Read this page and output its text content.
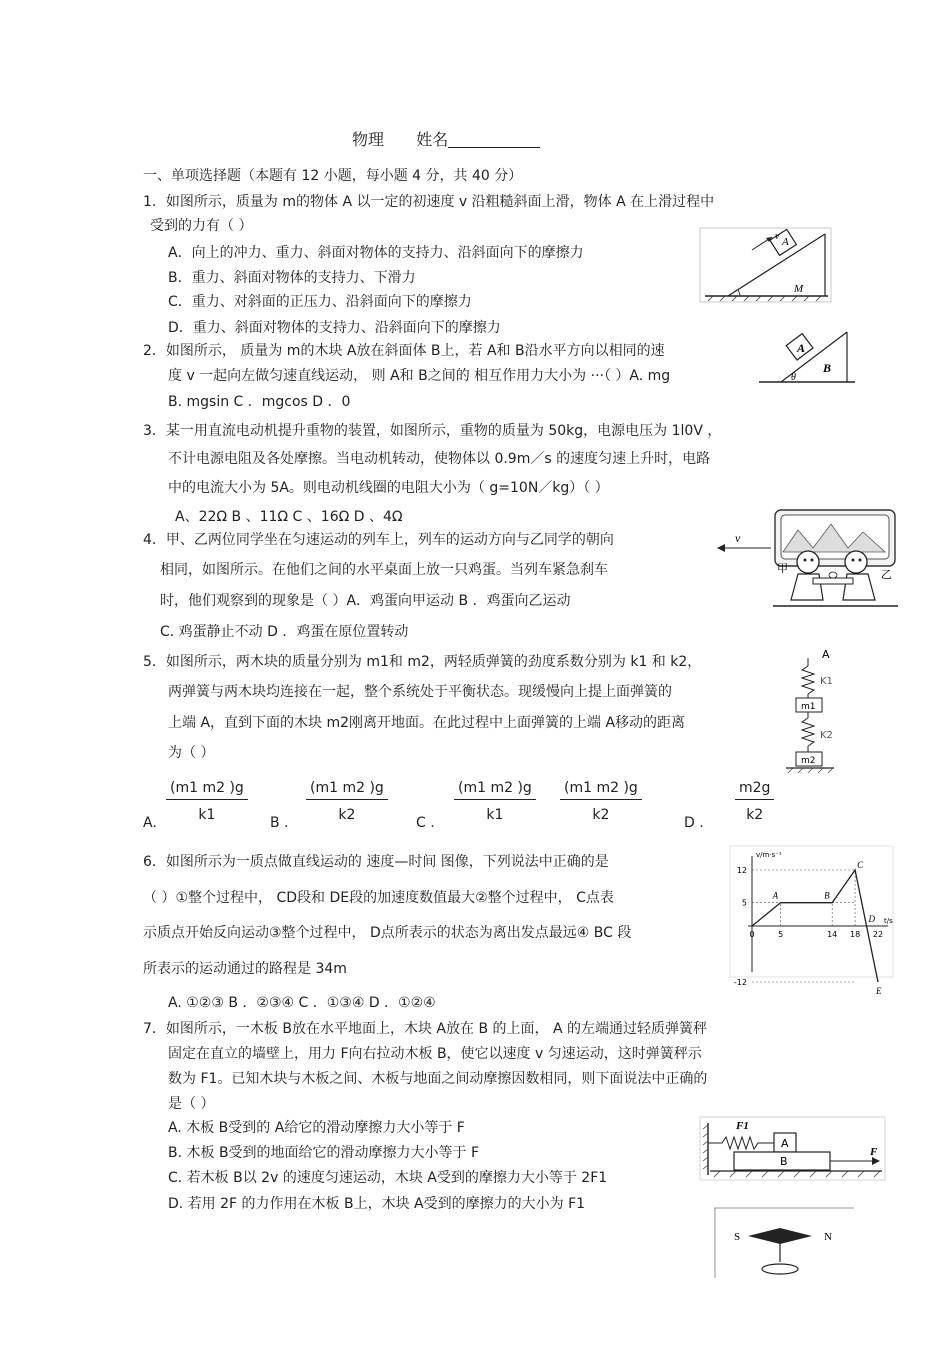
物理 姓名
一、单项选择题（本题有 12 小题，每小题 4 分，共 40 分）
1．如图所示，质量为 m的物体 A 以一定的初速度 v 沿粗糙斜面上滑，物体 A 在上滑过程中
受到的力有（ ）
A．向上的冲力、重力、斜面对物体的支持力、沿斜面向下的摩擦力
B．重力、斜面对物体的支持力、下滑力
C．重力、对斜面的正压力、沿斜面向下的摩擦力
D．重力、斜面对物体的支持力、沿斜面向下的摩擦力
A
v
M
2．如图所示， 质量为 m的木块 A放在斜面体 B上，若 A和 B沿水平方向以相同的速
度 v 一起向左做匀速直线运动， 则 A和 B之间的 相互作用力大小为 ···（ ）A. mg
B. mgsin C ．mgcos D ．0
A
B
θ
3．某一用直流电动机提升重物的装置，如图所示，重物的质量为 50kg，电源电压为 1l0V ，
不计电源电阻及各处摩擦。当电动机转动，使物体以 0.9m／s 的速度匀速上升时，电路
中的电流大小为 5A。则电动机线圈的电阻大小为（ g=10N／kg）（ ）
A、22Ω B 、11Ω C 、16Ω D 、4Ω
4．甲、乙两位同学坐在匀速运动的列车上，列车的运动方向与乙同学的朝向
相同，如图所示。在他们之间的水平桌面上放一只鸡蛋。当列车紧急刹车
时，他们观察到的现象是（ ）A．鸡蛋向甲运动 B ．鸡蛋向乙运动
C. 鸡蛋静止不动 D ．鸡蛋在原位置转动
v
甲	乙
5．如图所示，两木块的质量分别为 m1和 m2，两轻质弹簧的劲度系数分别为 k1 和 k2，
两弹簧与两木块均连接在一起，整个系统处于平衡状态。现缓慢向上提上面弹簧的
上端 A，直到下面的木块 m2刚离开地面。在此过程中上面弹簧的上端 A移动的距离
为（ ）
A. $\frac{(m1 m2 )g}{k1}$ B . $\frac{(m1 m2 )g}{k2}$ C . $\frac{(m1 m2 )g}{k1} \frac{(m1 m2 )g}{k2}$	D . $\frac{m2g}{k2}$
A
K1
m1
K2
m2
6．如图所示为一质点做直线运动的 速度—时间 图像，下列说法中正确的是
（ ）①整个过程中， CD段和 DE段的加速度数值最大②整个过程中， C点表
示质点开始反向运动③整个过程中， D点所表示的状态为离出发点最远④ BC 段
所表示的运动通过的路程是 34m
A. ①②③ B ．②③④ C ．①③④ D ．①②④
v/m·s⁻¹
t/s
12
5
-12
0	5	14 18 22
A	B
C
D
E
7．如图所示，一木板 B放在水平地面上，木块 A放在 B 的上面， A 的左端通过轻质弹簧秤
固定在直立的墙壁上，用力 F向右拉动木板 B，使它以速度 v 匀速运动，这时弹簧秤示
数为 F1。已知木块与木板之间、木板与地面之间动摩擦因数相同，则下面说法中正确的
是（ ）
A. 木板 B受到的 A给它的滑动摩擦力大小等于 F
B. 木板 B受到的地面给它的滑动摩擦力大小等于 F
C. 若木板 B以 2v 的速度匀速运动，木块 A受到的摩擦力大小等于 2F1
D. 若用 2F 的力作用在木板 B上，木块 A受到的摩擦力的大小为 F1
F1
A
B
F
S	N
